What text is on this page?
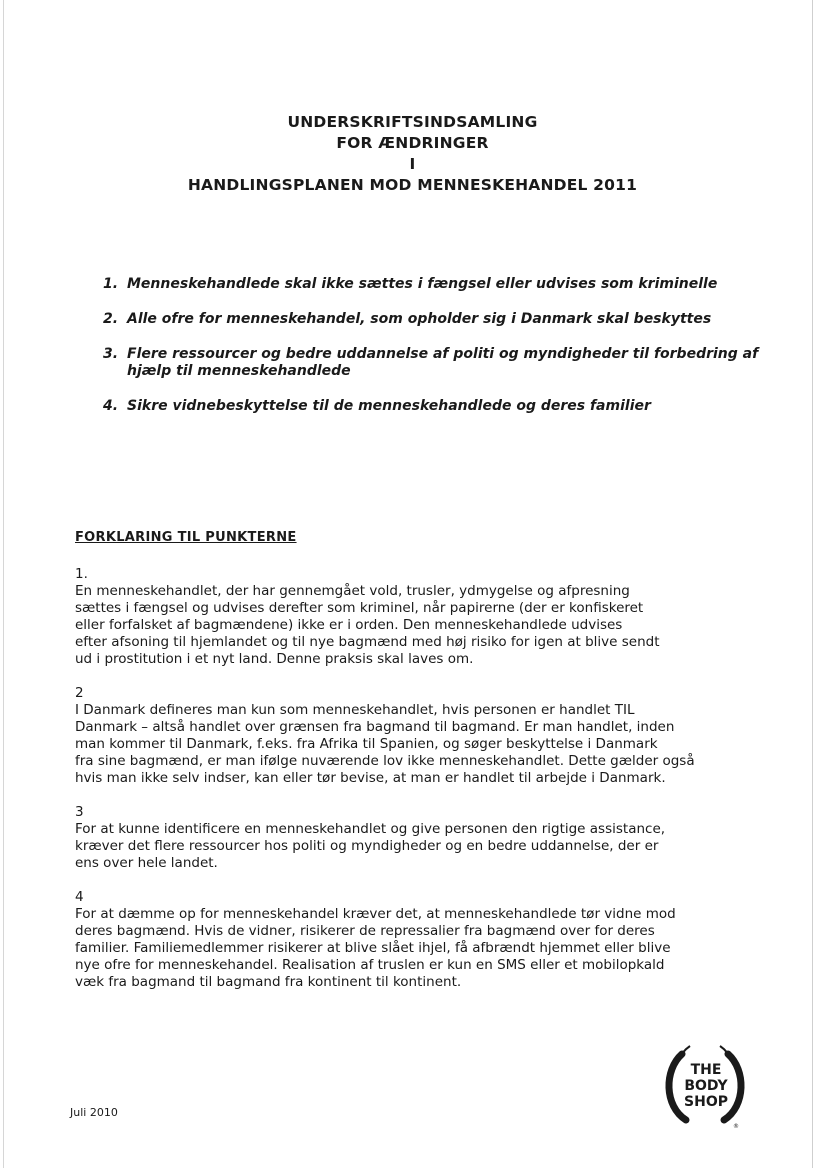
UNDERSKRIFTSINDSAMLING
FOR ÆNDRINGER
I
HANDLINGSPLANEN MOD MENNESKEHANDEL 2011
1. Menneskehandlede skal ikke sættes i fængsel eller udvises som kriminelle
2. Alle ofre for menneskehandel, som opholder sig i Danmark skal beskyttes
3. Flere ressourcer og bedre uddannelse af politi og myndigheder til forbedring af hjælp til menneskehandlede
4. Sikre vidnebeskyttelse til de menneskehandlede og deres familier
FORKLARING TIL PUNKTERNE
1.
En menneskehandlet, der har gennemgået vold, trusler, ydmygelse og afpresning
sættes i fængsel og udvises derefter som kriminel, når papirerne (der er konfiskeret
eller forfalsket af bagmændene) ikke er i orden. Den menneskehandlede udvises
efter afsoning til hjemlandet og til nye bagmænd med høj risiko for igen at blive sendt
ud i prostitution i et nyt land. Denne praksis skal laves om.
2
I Danmark defineres man kun som menneskehandlet, hvis personen er handlet TIL
Danmark – altså handlet over grænsen fra bagmand til bagmand. Er man handlet, inden
man kommer til Danmark, f.eks. fra Afrika til Spanien, og søger beskyttelse i Danmark
fra sine bagmænd, er man ifølge nuværende lov ikke menneskehandlet. Dette gælder også
hvis man ikke selv indser, kan eller tør bevise, at man er handlet til arbejde i Danmark.
3
For at kunne identificere en menneskehandlet og give personen den rigtige assistance,
kræver det flere ressourcer hos politi og myndigheder og en bedre uddannelse, der er
ens over hele landet.
4
For at dæmme op for menneskehandel kræver det, at menneskehandlede tør vidne mod
deres bagmænd. Hvis de vidner, risikerer de repressalier fra bagmænd over for deres
familier. Familiemedlemmer risikerer at blive slået ihjel, få afbrændt hjemmet eller blive
nye ofre for menneskehandel. Realisation af truslen er kun en SMS eller et mobilopkald
væk fra bagmand til bagmand fra kontinent til kontinent.
Juli 2010
THE
BODY
SHOP
®
